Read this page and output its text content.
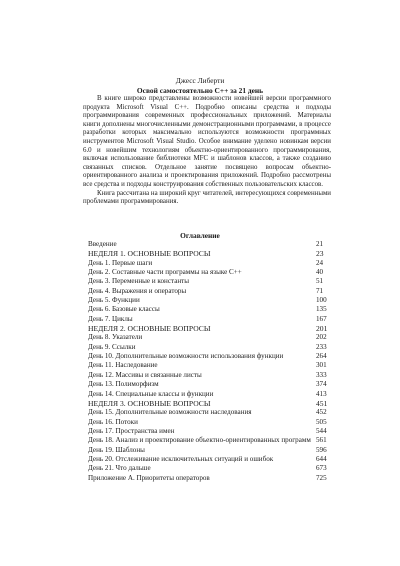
Джесс Либерти
Освой самостоятельно С++ за 21 день

В книге широко представлены возможности новейшей версии программного продукта Microsoft Visual C++. Подробно описаны средства и подходы программирования современных профессиональных приложений. Материалы книги дополнены многочисленными демонстрационными программами, в процессе разработки которых максимально используются возможности программных инструментов Microsoft Visual Studio. Особое внимание уделено новинкам версии 6.0 и новейшим технологиям объектно-ориентированного программирования, включая использование библиотеки MFC и шаблонов классов, а также созданию связанных списков. Отдельное занятие посвящено вопросам объектно-ориентированного анализа и проектирования приложений. Подробно рассмотрены все средства и подходы конструирования собственных пользовательских классов.

Книга рассчитана на широкий круг читателей, интересующихся современными проблемами программирования.

Оглавление
Введение	21
НЕДЕЛЯ 1. ОСНОВНЫЕ ВОПРОСЫ	23
День 1. Первые шаги	24
День 2. Составные части программы на языке С++	40
День 3. Переменные и константы	51
День 4. Выражения и операторы	71
День 5. Функции	100
День 6. Базовые классы	135
День 7. Циклы	167
НЕДЕЛЯ 2. ОСНОВНЫЕ ВОПРОСЫ	201
День 8. Указатели	202
День 9. Ссылки	233
День 10. Дополнительные возможности использования функции	264
День 11. Наследование	301
День 12. Массивы и связанные листы	333
День 13. Полиморфизм	374
День 14. Специальные классы и функции	413
НЕДЕЛЯ 3. ОСНОВНЫЕ ВОПРОСЫ	451
День 15. Дополнительные возможности наследования	452
День 16. Потоки	505
День 17. Пространства имен	544
День 18. Анализ и проектирование объектно-ориентированных программ 561
День 19. Шаблоны	596
День 20. Отслеживание исключительных ситуаций и ошибок	644
День 21. Что дальше	673
Приложение А. Приоритеты операторов	725
